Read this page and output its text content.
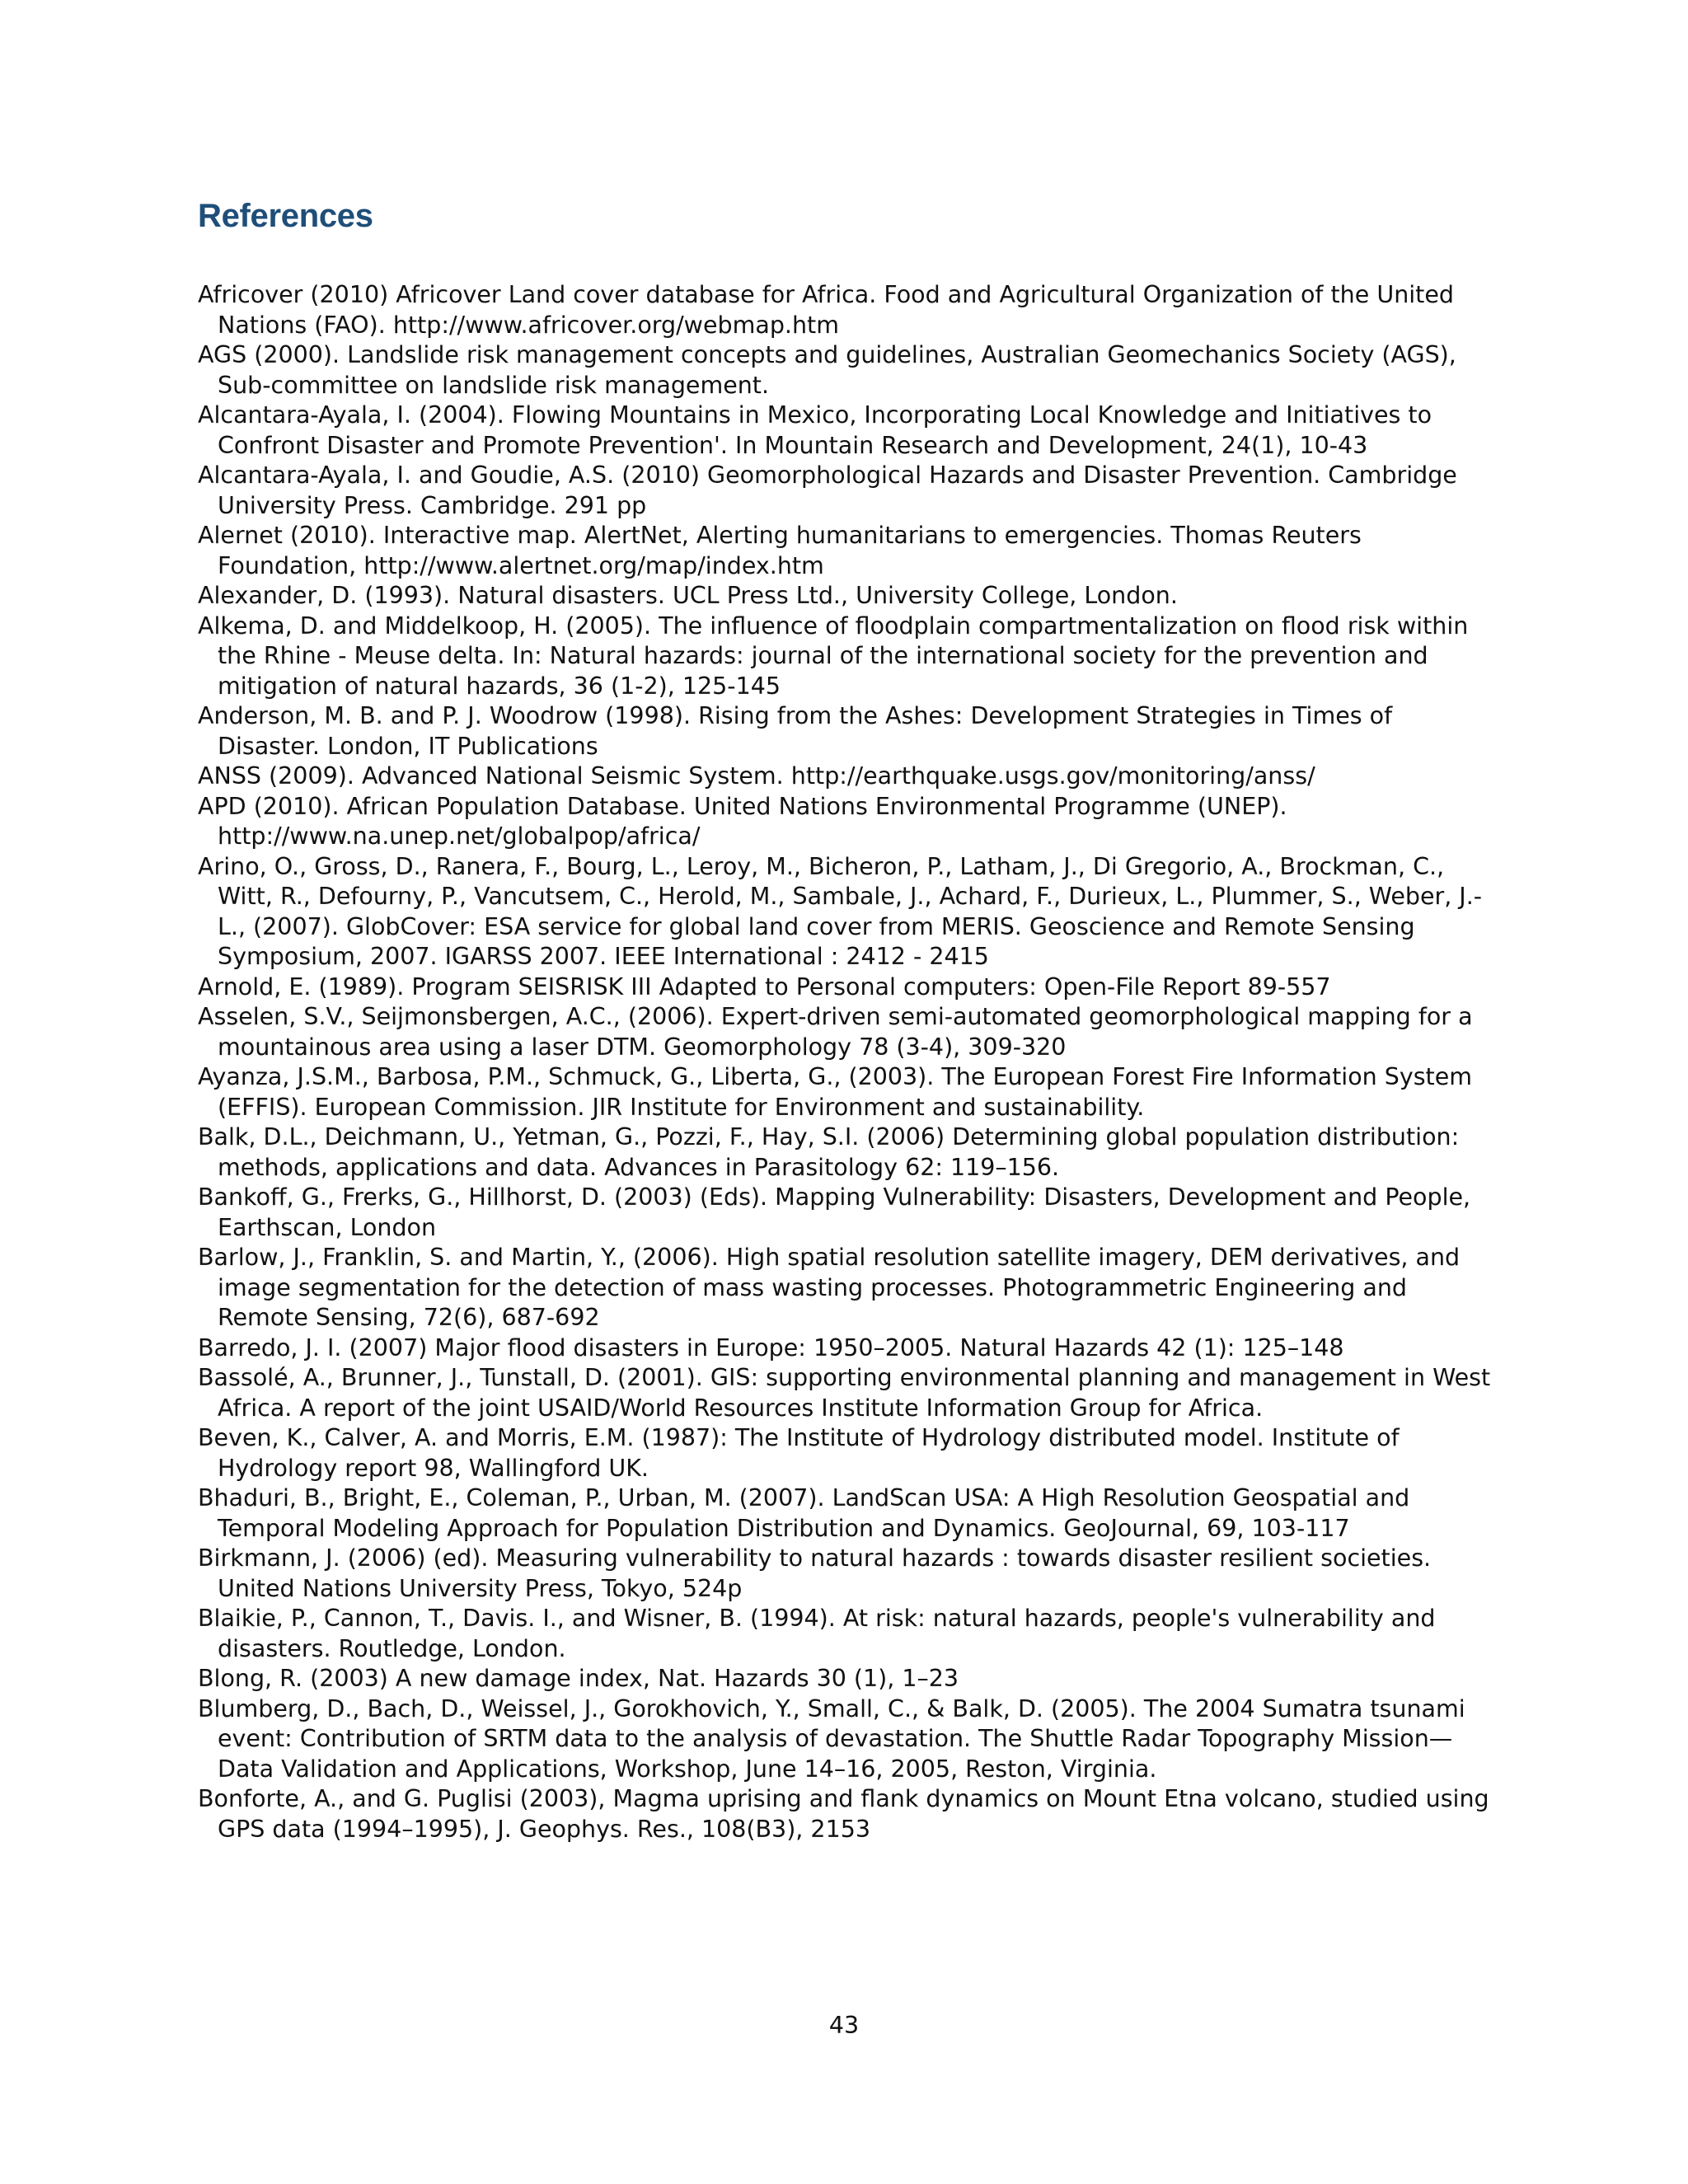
References
Africover (2010) Africover Land cover database for Africa. Food and Agricultural Organization of the United Nations (FAO). http://www.africover.org/webmap.htm
AGS (2000). Landslide risk management concepts and guidelines, Australian Geomechanics Society (AGS), Sub-committee on landslide risk management.
Alcantara-Ayala, I. (2004). Flowing Mountains in Mexico, Incorporating Local Knowledge and Initiatives to Confront Disaster and Promote Prevention'. In Mountain Research and Development, 24(1), 10-43
Alcantara-Ayala, I. and Goudie, A.S. (2010) Geomorphological Hazards and Disaster Prevention. Cambridge University Press. Cambridge. 291 pp
Alernet (2010). Interactive map. AlertNet, Alerting humanitarians to emergencies. Thomas Reuters Foundation, http://www.alertnet.org/map/index.htm
Alexander, D. (1993). Natural disasters. UCL Press Ltd., University College, London.
Alkema, D. and Middelkoop, H. (2005). The influence of floodplain compartmentalization on flood risk within the Rhine - Meuse delta. In: Natural hazards: journal of the international society for the prevention and mitigation of natural hazards, 36 (1-2), 125-145
Anderson, M. B. and P. J. Woodrow (1998). Rising from the Ashes: Development Strategies in Times of Disaster. London, IT Publications
ANSS (2009). Advanced National Seismic System. http://earthquake.usgs.gov/monitoring/anss/
APD (2010). African Population Database. United Nations Environmental Programme (UNEP). http://www.na.unep.net/globalpop/africa/
Arino, O., Gross, D., Ranera, F., Bourg, L., Leroy, M., Bicheron, P., Latham, J., Di Gregorio, A., Brockman, C., Witt, R., Defourny, P., Vancutsem, C., Herold, M., Sambale, J., Achard, F., Durieux, L., Plummer, S., Weber, J.-L., (2007). GlobCover: ESA service for global land cover from MERIS. Geoscience and Remote Sensing Symposium, 2007. IGARSS 2007. IEEE International : 2412 - 2415
Arnold, E. (1989). Program SEISRISK III Adapted to Personal computers: Open-File Report 89-557
Asselen, S.V., Seijmonsbergen, A.C., (2006). Expert-driven semi-automated geomorphological mapping for a mountainous area using a laser DTM. Geomorphology 78 (3-4), 309-320
Ayanza, J.S.M., Barbosa, P.M., Schmuck, G., Liberta, G., (2003). The European Forest Fire Information System (EFFIS). European Commission. JIR Institute for Environment and sustainability.
Balk, D.L., Deichmann, U., Yetman, G., Pozzi, F., Hay, S.I. (2006) Determining global population distribution: methods, applications and data. Advances in Parasitology 62: 119–156.
Bankoff, G., Frerks, G., Hillhorst, D. (2003) (Eds). Mapping Vulnerability: Disasters, Development and People, Earthscan, London
Barlow, J., Franklin, S. and Martin, Y., (2006). High spatial resolution satellite imagery, DEM derivatives, and image segmentation for the detection of mass wasting processes. Photogrammetric Engineering and Remote Sensing, 72(6), 687-692
Barredo, J. I. (2007) Major flood disasters in Europe: 1950–2005. Natural Hazards 42 (1): 125–148
Bassolé, A., Brunner, J., Tunstall, D. (2001). GIS: supporting environmental planning and management in West Africa. A report of the joint USAID/World Resources Institute Information Group for Africa.
Beven, K., Calver, A. and Morris, E.M. (1987): The Institute of Hydrology distributed model. Institute of Hydrology report 98, Wallingford UK.
Bhaduri, B., Bright, E., Coleman, P., Urban, M. (2007). LandScan USA: A High Resolution Geospatial and Temporal Modeling Approach for Population Distribution and Dynamics. GeoJournal, 69, 103-117
Birkmann, J. (2006) (ed). Measuring vulnerability to natural hazards : towards disaster resilient societies. United Nations University Press, Tokyo, 524p
Blaikie, P., Cannon, T., Davis. I., and Wisner, B. (1994). At risk: natural hazards, people's vulnerability and disasters. Routledge, London.
Blong, R. (2003) A new damage index, Nat. Hazards 30 (1), 1–23
Blumberg, D., Bach, D., Weissel, J., Gorokhovich, Y., Small, C., & Balk, D. (2005). The 2004 Sumatra tsunami event: Contribution of SRTM data to the analysis of devastation. The Shuttle Radar Topography Mission—Data Validation and Applications, Workshop, June 14–16, 2005, Reston, Virginia.
Bonforte, A., and G. Puglisi (2003), Magma uprising and flank dynamics on Mount Etna volcano, studied using GPS data (1994–1995), J. Geophys. Res., 108(B3), 2153
43
